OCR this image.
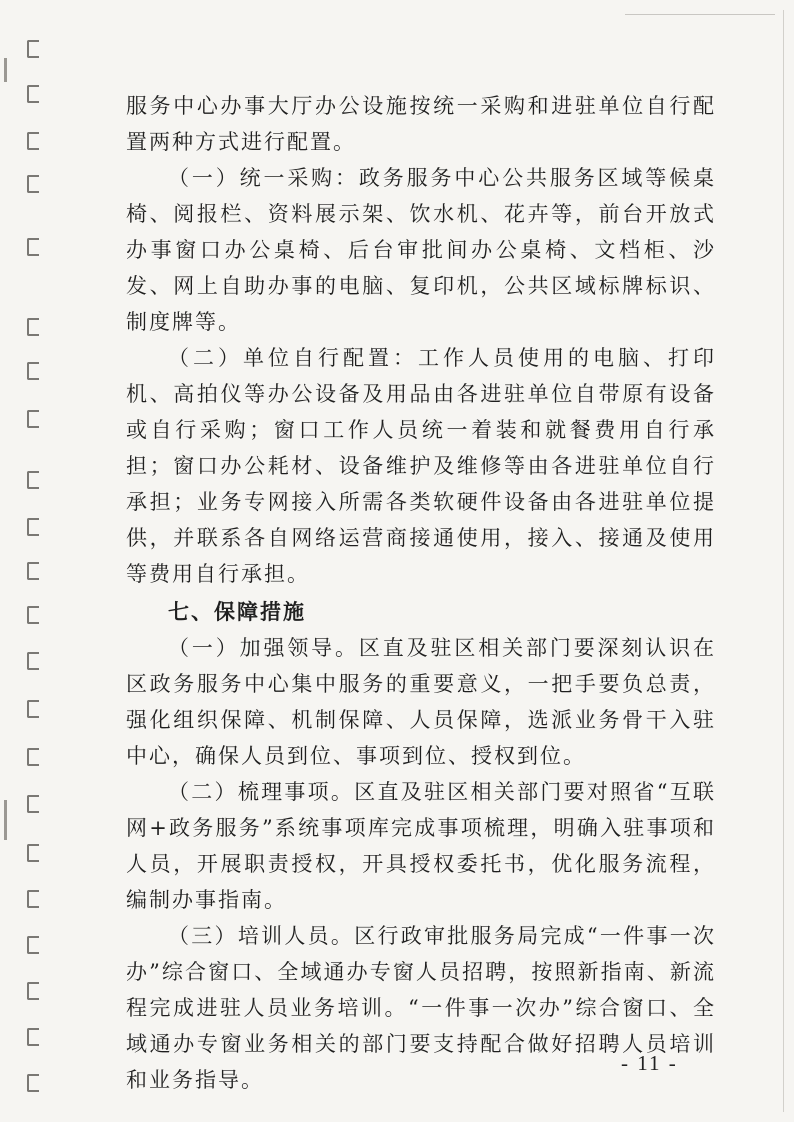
服务中心办事大厅办公设施按统一采购和进驻单位自行配置两种方式进行配置。

（一）统一采购：政务服务中心公共服务区域等候桌椅、阅报栏、资料展示架、饮水机、花卉等，前台开放式办事窗口办公桌椅、后台审批间办公桌椅、文档柜、沙发、网上自助办事的电脑、复印机，公共区域标牌标识、制度牌等。

（二）单位自行配置：工作人员使用的电脑、打印机、高拍仪等办公设备及用品由各进驻单位自带原有设备或自行采购；窗口工作人员统一着装和就餐费用自行承担；窗口办公耗材、设备维护及维修等由各进驻单位自行承担；业务专网接入所需各类软硬件设备由各进驻单位提供，并联系各自网络运营商接通使用，接入、接通及使用等费用自行承担。

七、保障措施

（一）加强领导。区直及驻区相关部门要深刻认识在区政务服务中心集中服务的重要意义，一把手要负总责，强化组织保障、机制保障、人员保障，选派业务骨干入驻中心，确保人员到位、事项到位、授权到位。

（二）梳理事项。区直及驻区相关部门要对照省“互联网+政务服务”系统事项库完成事项梳理，明确入驻事项和人员，开展职责授权，开具授权委托书，优化服务流程，编制办事指南。

（三）培训人员。区行政审批服务局完成“一件事一次办”综合窗口、全域通办专窗人员招聘，按照新指南、新流程完成进驻人员业务培训。“一件事一次办”综合窗口、全域通办专窗业务相关的部门要支持配合做好招聘人员培训和业务指导。

- 11 -
